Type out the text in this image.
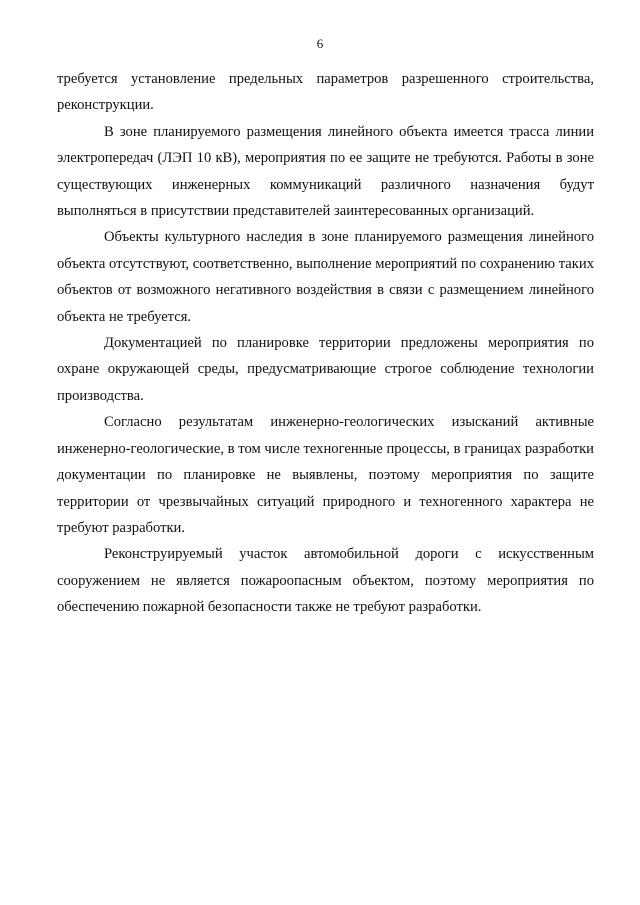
6

требуется установление предельных параметров разрешенного строительства, реконструкции.

В зоне планируемого размещения линейного объекта имеется трасса линии электропередач (ЛЭП 10 кВ), мероприятия по ее защите не требуются. Работы в зоне существующих инженерных коммуникаций различного назначения будут выполняться в присутствии представителей заинтересованных организаций.

Объекты культурного наследия в зоне планируемого размещения линейного объекта отсутствуют, соответственно, выполнение мероприятий по сохранению таких объектов от возможного негативного воздействия в связи с размещением линейного объекта не требуется.

Документацией по планировке территории предложены мероприятия по охране окружающей среды, предусматривающие строгое соблюдение технологии производства.

Согласно результатам инженерно-геологических изысканий активные инженерно-геологические, в том числе техногенные процессы, в границах разработки документации по планировке не выявлены, поэтому мероприятия по защите территории от чрезвычайных ситуаций природного и техногенного характера не требуют разработки.

Реконструируемый участок автомобильной дороги с искусственным сооружением не является пожароопасным объектом, поэтому мероприятия по обеспечению пожарной безопасности также не требуют разработки.
